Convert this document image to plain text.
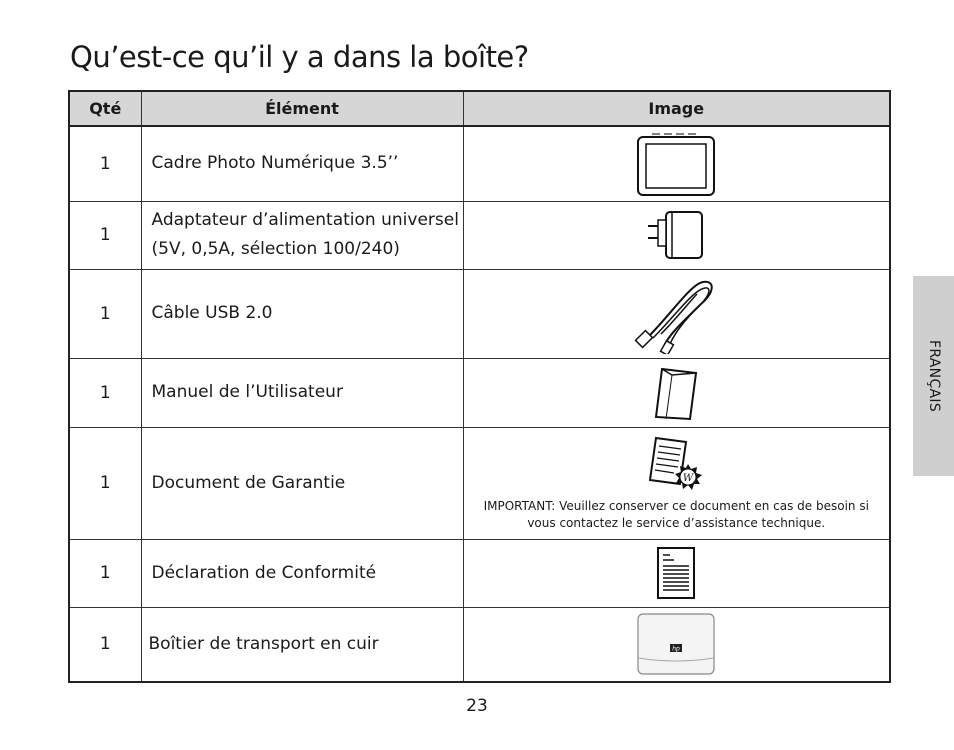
Qu’est-ce qu’il y a dans la boîte?
Qté	Élément	Image
1	Cadre Photo Numérique 3.5’’	
1	Adaptateur d’alimentation universel
(5V, 0,5A, sélection 100/240)

1	Câble USB 2.0	
1	Manuel de l’Utilisateur	
1	Document de Garantie	W
IMPORTANT: Veuillez conserver ce document en cas de besoin si
vous contactez le service d’assistance technique.

1	Déclaration de Conformité	
1	Boîtier de transport en cuir	hp
FRANÇAIS
23
